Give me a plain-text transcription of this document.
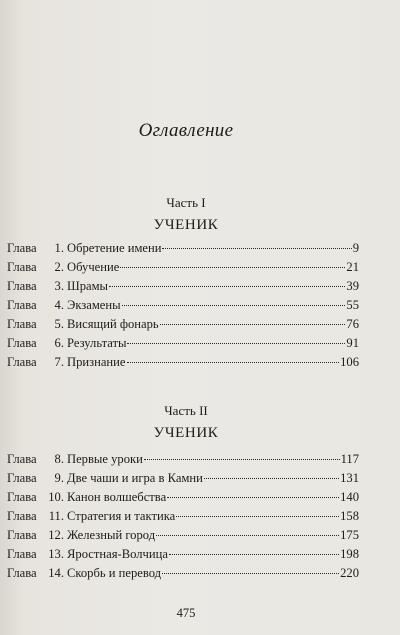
Оглавление
Часть I
УЧЕНИК
Глава	1. Обретение имени	9
Глава	2. Обучение	21
Глава	3. Шрамы	39
Глава	4. Экзамены	55
Глава	5. Висящий фонарь	76
Глава	6. Результаты	91
Глава	7. Признание	106
Часть II
УЧЕНИК
Глава	8. Первые уроки	117
Глава	9. Две чаши и игра в Камни	131
Глава 10. Канон волшебства	140
Глава 11. Стратегия и тактика	158
Глава 12. Железный город	175
Глава 13. Яростная-Волчица	198
Глава 14. Скорбь и перевод	220
475
